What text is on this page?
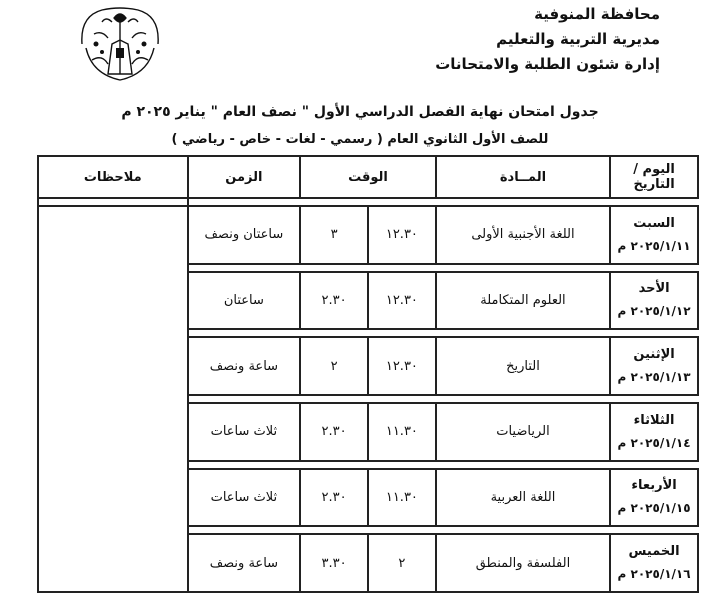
محافظة المنوفية
مديرية التربية والتعليم
إدارة شئون الطلبة والامتحانات
جدول امتحان نهاية الفصل الدراسي الأول " نصف العام " يناير ٢٠٢٥ م
للصف الأول الثانوي العام ( رسمي - لغات - خاص - رياضي )
اليوم / التاريخ	المــادة	الوقت		الزمن	ملاحظات

السبت
٢٠٢٥/١/١١ م	اللغة الأجنبية الأولى	١٢.٣٠	٣	ساعتان ونصف	

الأحد
٢٠٢٥/١/١٢ م	العلوم المتكاملة	١٢.٣٠	٢.٣٠	ساعتان	

الإثنين
٢٠٢٥/١/١٣ م	التاريخ	١٢.٣٠	٢	ساعة ونصف	

الثلاثاء
٢٠٢٥/١/١٤ م	الرياضيات	١١.٣٠	٢.٣٠	ثلاث ساعات	

الأربعاء
٢٠٢٥/١/١٥ م	اللغة العربية	١١.٣٠	٢.٣٠	ثلاث ساعات	

الخميس
٢٠٢٥/١/١٦ م	الفلسفة والمنطق	٢	٣.٣٠	ساعة ونصف	
